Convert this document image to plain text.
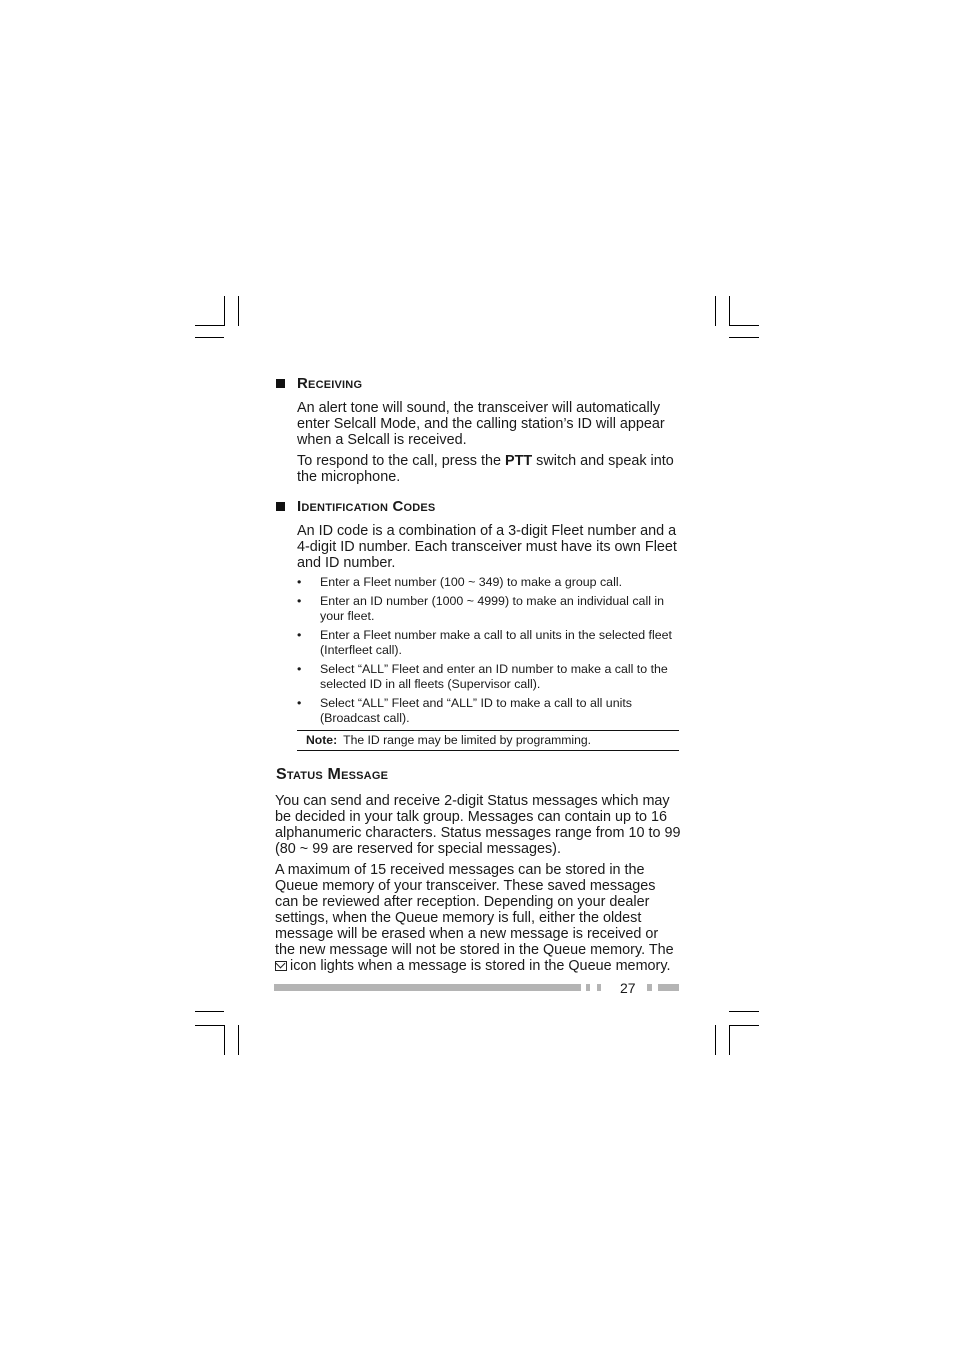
Receiving

An alert tone will sound, the transceiver will automatically enter Selcall Mode, and the calling station’s ID will appear when a Selcall is received.

To respond to the call, press the PTT switch and speak into the microphone.

Identification Codes

An ID code is a combination of a 3-digit Fleet number and a 4-digit ID number. Each transceiver must have its own Fleet and ID number.

• Enter a Fleet number (100 ~ 349) to make a group call.
• Enter an ID number (1000 ~ 4999) to make an individual call in your fleet.
• Enter a Fleet number make a call to all units in the selected fleet (Interfleet call).
• Select “ALL” Fleet and enter an ID number to make a call to the selected ID in all fleets (Supervisor call).
• Select “ALL” Fleet and “ALL” ID to make a call to all units (Broadcast call).
Note: The ID range may be limited by programming.
Status Message

You can send and receive 2-digit Status messages which may be decided in your talk group. Messages can contain up to 16 alphanumeric characters. Status messages range from 10 to 99 (80 ~ 99 are reserved for special messages).

A maximum of 15 received messages can be stored in the Queue memory of your transceiver. These saved messages can be reviewed after reception. Depending on your dealer settings, when the Queue memory is full, either the oldest message will be erased when a new message is received or the new message will not be stored in the Queue memory. The icon lights when a message is stored in the Queue memory.

27
